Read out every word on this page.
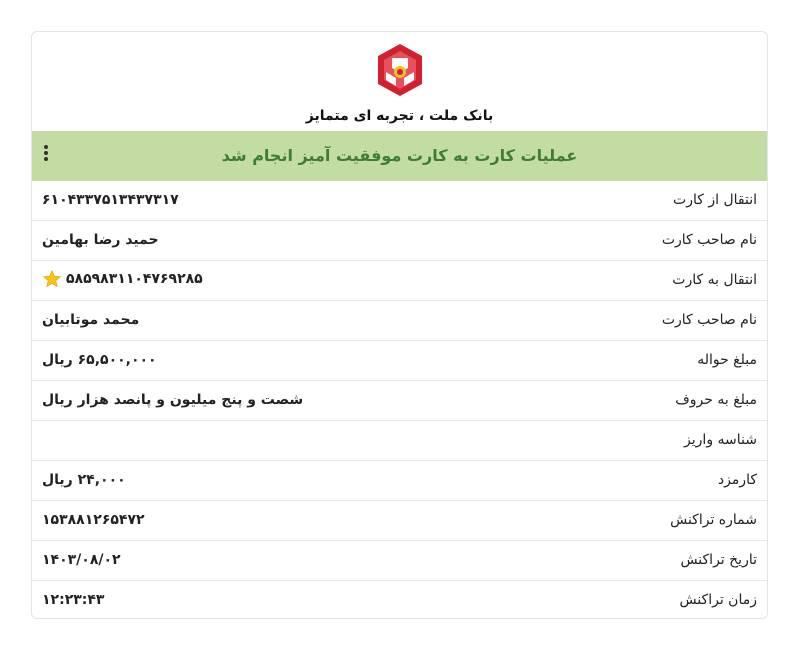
بانک ملت ، تجربه ای متمایز
عملیات کارت به کارت موفقیت آمیز انجام شد
انتقال از کارت
۶۱۰۴۳۳۷۵۱۳۴۳۷۳۱۷
نام صاحب کارت
حمید رضا بهامین
انتقال به کارت
۵۸۵۹۸۳۱۱۰۴۷۶۹۲۸۵
نام صاحب کارت
محمد موتابیان
مبلغ حواله
۶۵,۵۰۰,۰۰۰ ریال
مبلغ به حروف
شصت و پنج میلیون و پانصد هزار ریال
شناسه واریز
کارمزد
۲۴,۰۰۰ ریال
شماره تراکنش
۱۵۳۸۸۱۲۶۵۴۷۲
تاریخ تراکنش
۱۴۰۳/۰۸/۰۲
زمان تراکنش
۱۲:۲۳:۴۳
